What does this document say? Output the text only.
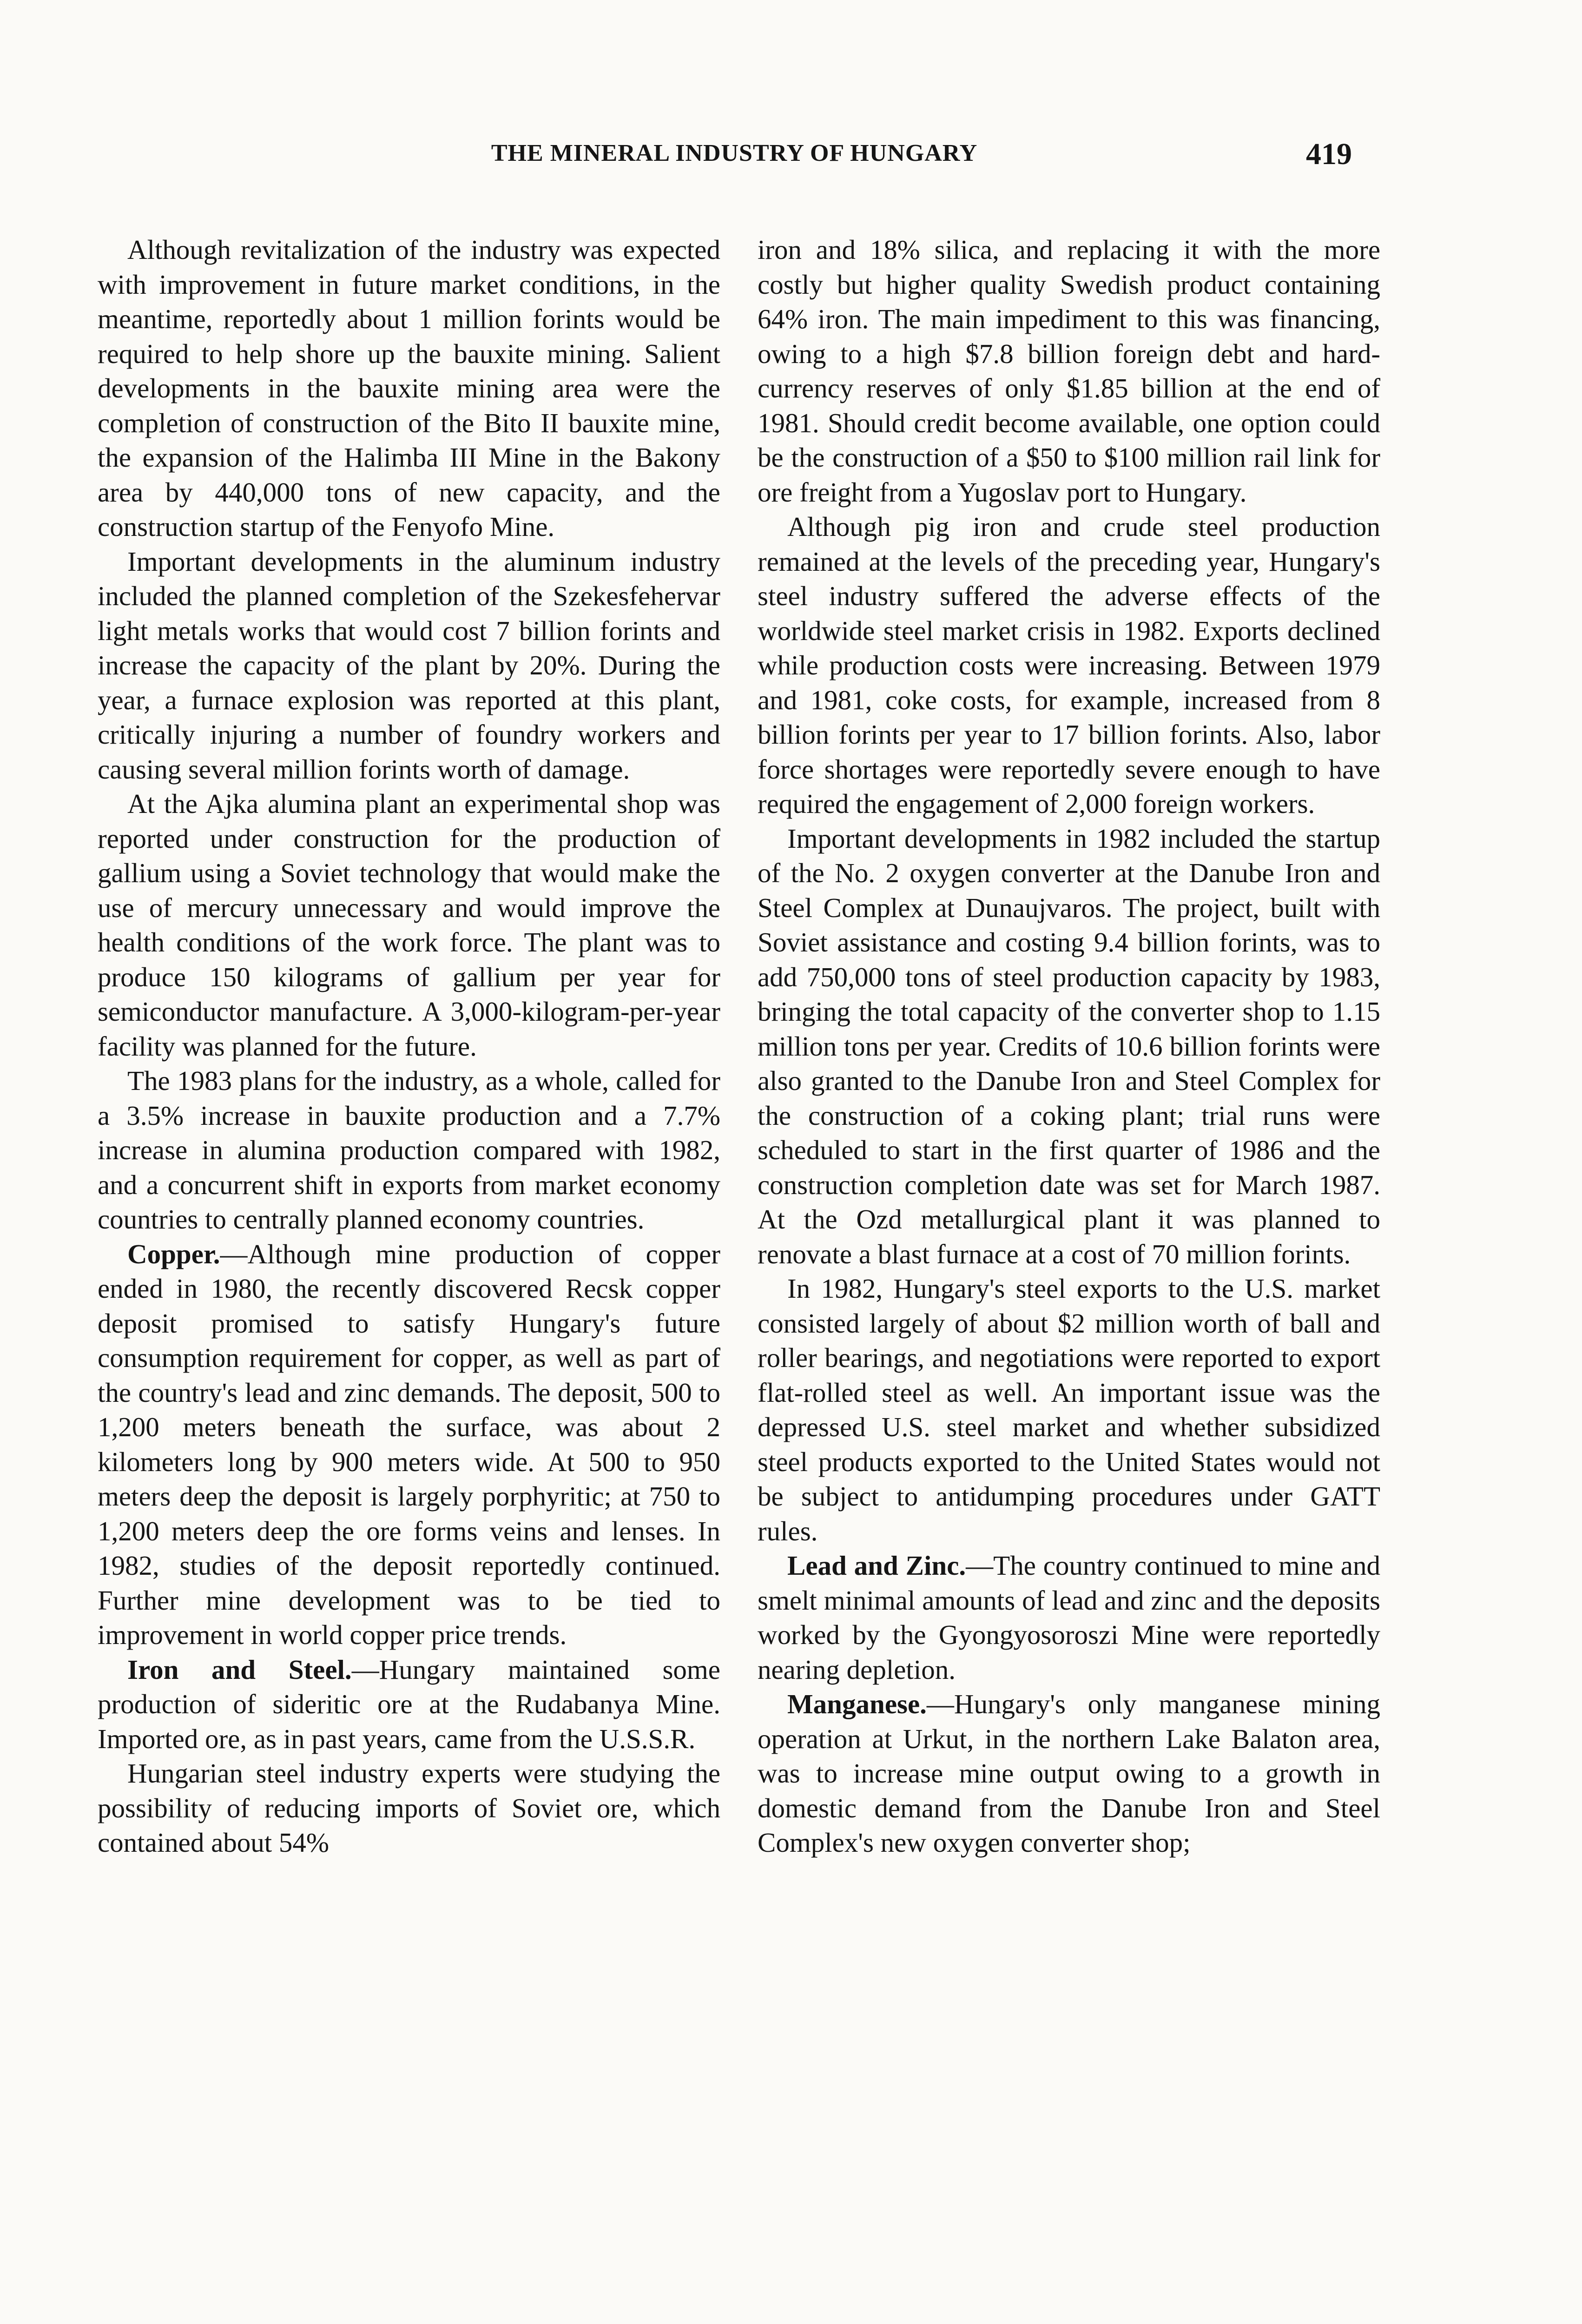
THE MINERAL INDUSTRY OF HUNGARY	419

Although revitalization of the industry was expected with improvement in future market conditions, in the meantime, reportedly about 1 million forints would be required to help shore up the bauxite mining. Salient developments in the bauxite mining area were the completion of construction of the Bito II bauxite mine, the expansion of the Halimba III Mine in the Bakony area by 440,000 tons of new capacity, and the construction startup of the Fenyofo Mine.

Important developments in the aluminum industry included the planned completion of the Szekesfehervar light metals works that would cost 7 billion forints and increase the capacity of the plant by 20%. During the year, a furnace explosion was reported at this plant, critically injuring a number of foundry workers and causing several million forints worth of damage.

At the Ajka alumina plant an experimental shop was reported under construction for the production of gallium using a Soviet technology that would make the use of mercury unnecessary and would improve the health conditions of the work force. The plant was to produce 150 kilograms of gallium per year for semiconductor manufacture. A 3,000-kilogram-per-year facility was planned for the future.

The 1983 plans for the industry, as a whole, called for a 3.5% increase in bauxite production and a 7.7% increase in alumina production compared with 1982, and a concurrent shift in exports from market economy countries to centrally planned economy countries.

Copper.—Although mine production of copper ended in 1980, the recently discovered Recsk copper deposit promised to satisfy Hungary's future consumption requirement for copper, as well as part of the country's lead and zinc demands. The deposit, 500 to 1,200 meters beneath the surface, was about 2 kilometers long by 900 meters wide. At 500 to 950 meters deep the deposit is largely porphyritic; at 750 to 1,200 meters deep the ore forms veins and lenses. In 1982, studies of the deposit reportedly continued. Further mine development was to be tied to improvement in world copper price trends.

Iron and Steel.—Hungary maintained some production of sideritic ore at the Rudabanya Mine. Imported ore, as in past years, came from the U.S.S.R.

Hungarian steel industry experts were studying the possibility of reducing imports of Soviet ore, which contained about 54%

iron and 18% silica, and replacing it with the more costly but higher quality Swedish product containing 64% iron. The main impediment to this was financing, owing to a high $7.8 billion foreign debt and hard-currency reserves of only $1.85 billion at the end of 1981. Should credit become available, one option could be the construction of a $50 to $100 million rail link for ore freight from a Yugoslav port to Hungary.

Although pig iron and crude steel production remained at the levels of the preceding year, Hungary's steel industry suffered the adverse effects of the worldwide steel market crisis in 1982. Exports declined while production costs were increasing. Between 1979 and 1981, coke costs, for example, increased from 8 billion forints per year to 17 billion forints. Also, labor force shortages were reportedly severe enough to have required the engagement of 2,000 foreign workers.

Important developments in 1982 included the startup of the No. 2 oxygen converter at the Danube Iron and Steel Complex at Dunaujvaros. The project, built with Soviet assistance and costing 9.4 billion forints, was to add 750,000 tons of steel production capacity by 1983, bringing the total capacity of the converter shop to 1.15 million tons per year. Credits of 10.6 billion forints were also granted to the Danube Iron and Steel Complex for the construction of a coking plant; trial runs were scheduled to start in the first quarter of 1986 and the construction completion date was set for March 1987. At the Ozd metallurgical plant it was planned to renovate a blast furnace at a cost of 70 million forints.

In 1982, Hungary's steel exports to the U.S. market consisted largely of about $2 million worth of ball and roller bearings, and negotiations were reported to export flat-rolled steel as well. An important issue was the depressed U.S. steel market and whether subsidized steel products exported to the United States would not be subject to antidumping procedures under GATT rules.

Lead and Zinc.—The country continued to mine and smelt minimal amounts of lead and zinc and the deposits worked by the Gyongyosoroszi Mine were reportedly nearing depletion.

Manganese.—Hungary's only manganese mining operation at Urkut, in the northern Lake Balaton area, was to increase mine output owing to a growth in domestic demand from the Danube Iron and Steel Complex's new oxygen converter shop;
